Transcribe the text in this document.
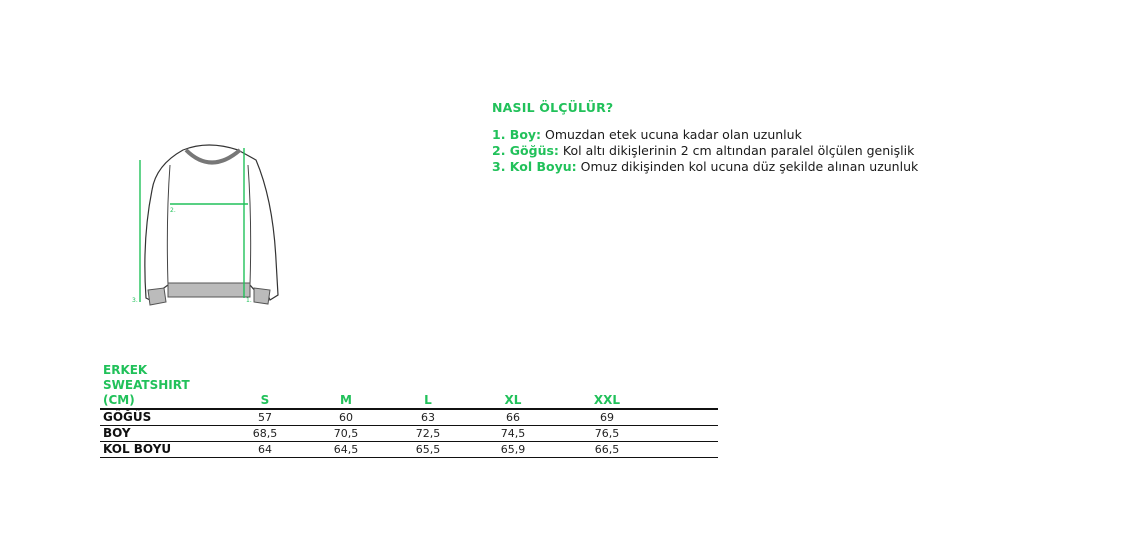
2.
1.
3.
NASIL ÖLÇÜLÜR?
1. Boy: Omuzdan etek ucuna kadar olan uzunluk
2. Göğüs: Kol altı dikişlerinin 2 cm altından paralel ölçülen genişlik
3. Kol Boyu: Omuz dikişinden kol ucuna düz şekilde alınan uzunluk
ERKEK
SWEATSHIRT (CM)	S	M	L	XL	XXL	
GÖĞÜS	57	60	63	66	69	
BOY	68,5	70,5	72,5	74,5	76,5	
KOL BOYU	64	64,5	65,5	65,9	66,5	
